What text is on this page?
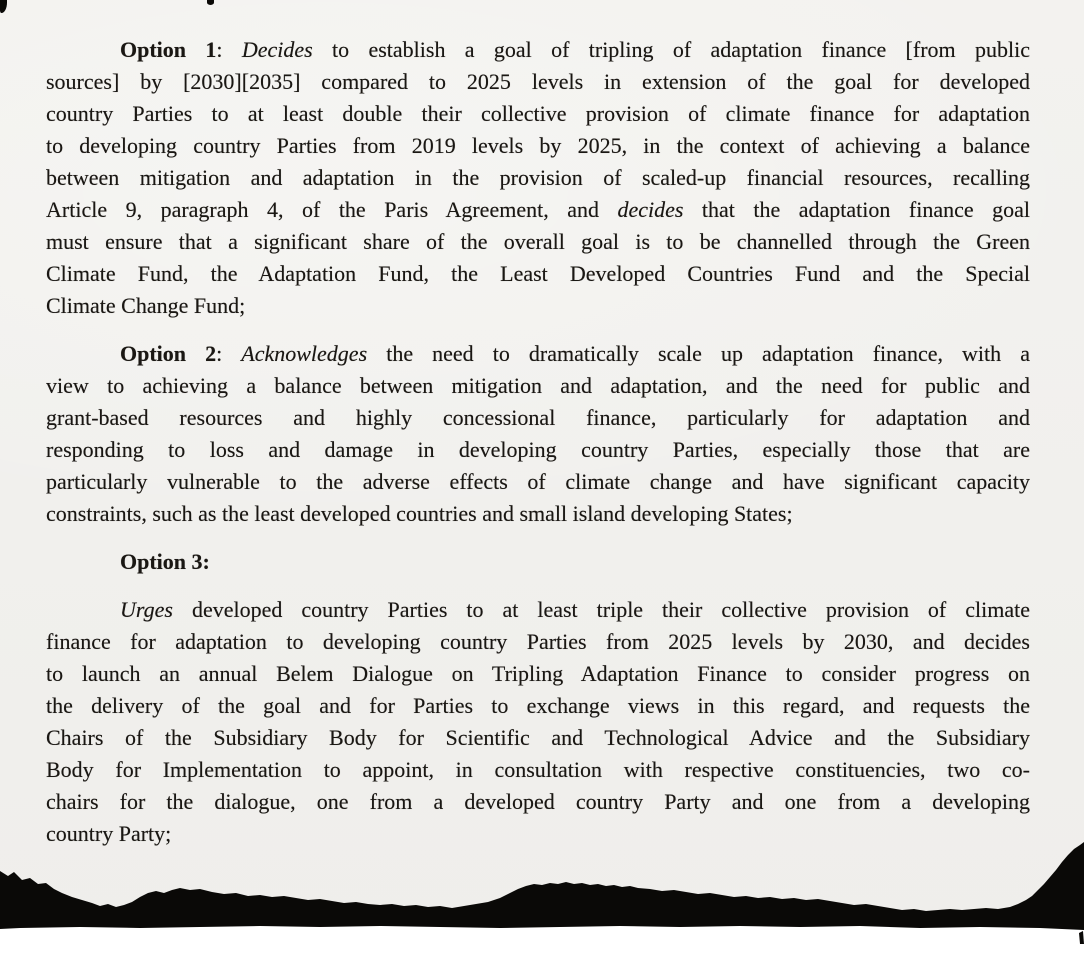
Option 1: Decides to establish a goal of tripling of adaptation finance [from public
sources] by [2030][2035] compared to 2025 levels in extension of the goal for developed
country Parties to at least double their collective provision of climate finance for adaptation
to developing country Parties from 2019 levels by 2025, in the context of achieving a balance
between mitigation and adaptation in the provision of scaled-up financial resources, recalling
Article 9, paragraph 4, of the Paris Agreement, and decides that the adaptation finance goal
must ensure that a significant share of the overall goal is to be channelled through the Green
Climate Fund, the Adaptation Fund, the Least Developed Countries Fund and the Special
Climate Change Fund;
Option 2: Acknowledges the need to dramatically scale up adaptation finance, with a
view to achieving a balance between mitigation and adaptation, and the need for public and
grant-based resources and highly concessional finance, particularly for adaptation and
responding to loss and damage in developing country Parties, especially those that are
particularly vulnerable to the adverse effects of climate change and have significant capacity
constraints, such as the least developed countries and small island developing States;
Option 3:
Urges developed country Parties to at least triple their collective provision of climate
finance for adaptation to developing country Parties from 2025 levels by 2030, and decides
to launch an annual Belem Dialogue on Tripling Adaptation Finance to consider progress on
the delivery of the goal and for Parties to exchange views in this regard, and requests the
Chairs of the Subsidiary Body for Scientific and Technological Advice and the Subsidiary
Body for Implementation to appoint, in consultation with respective constituencies, two co-
chairs for the dialogue, one from a developed country Party and one from a developing
country Party;
